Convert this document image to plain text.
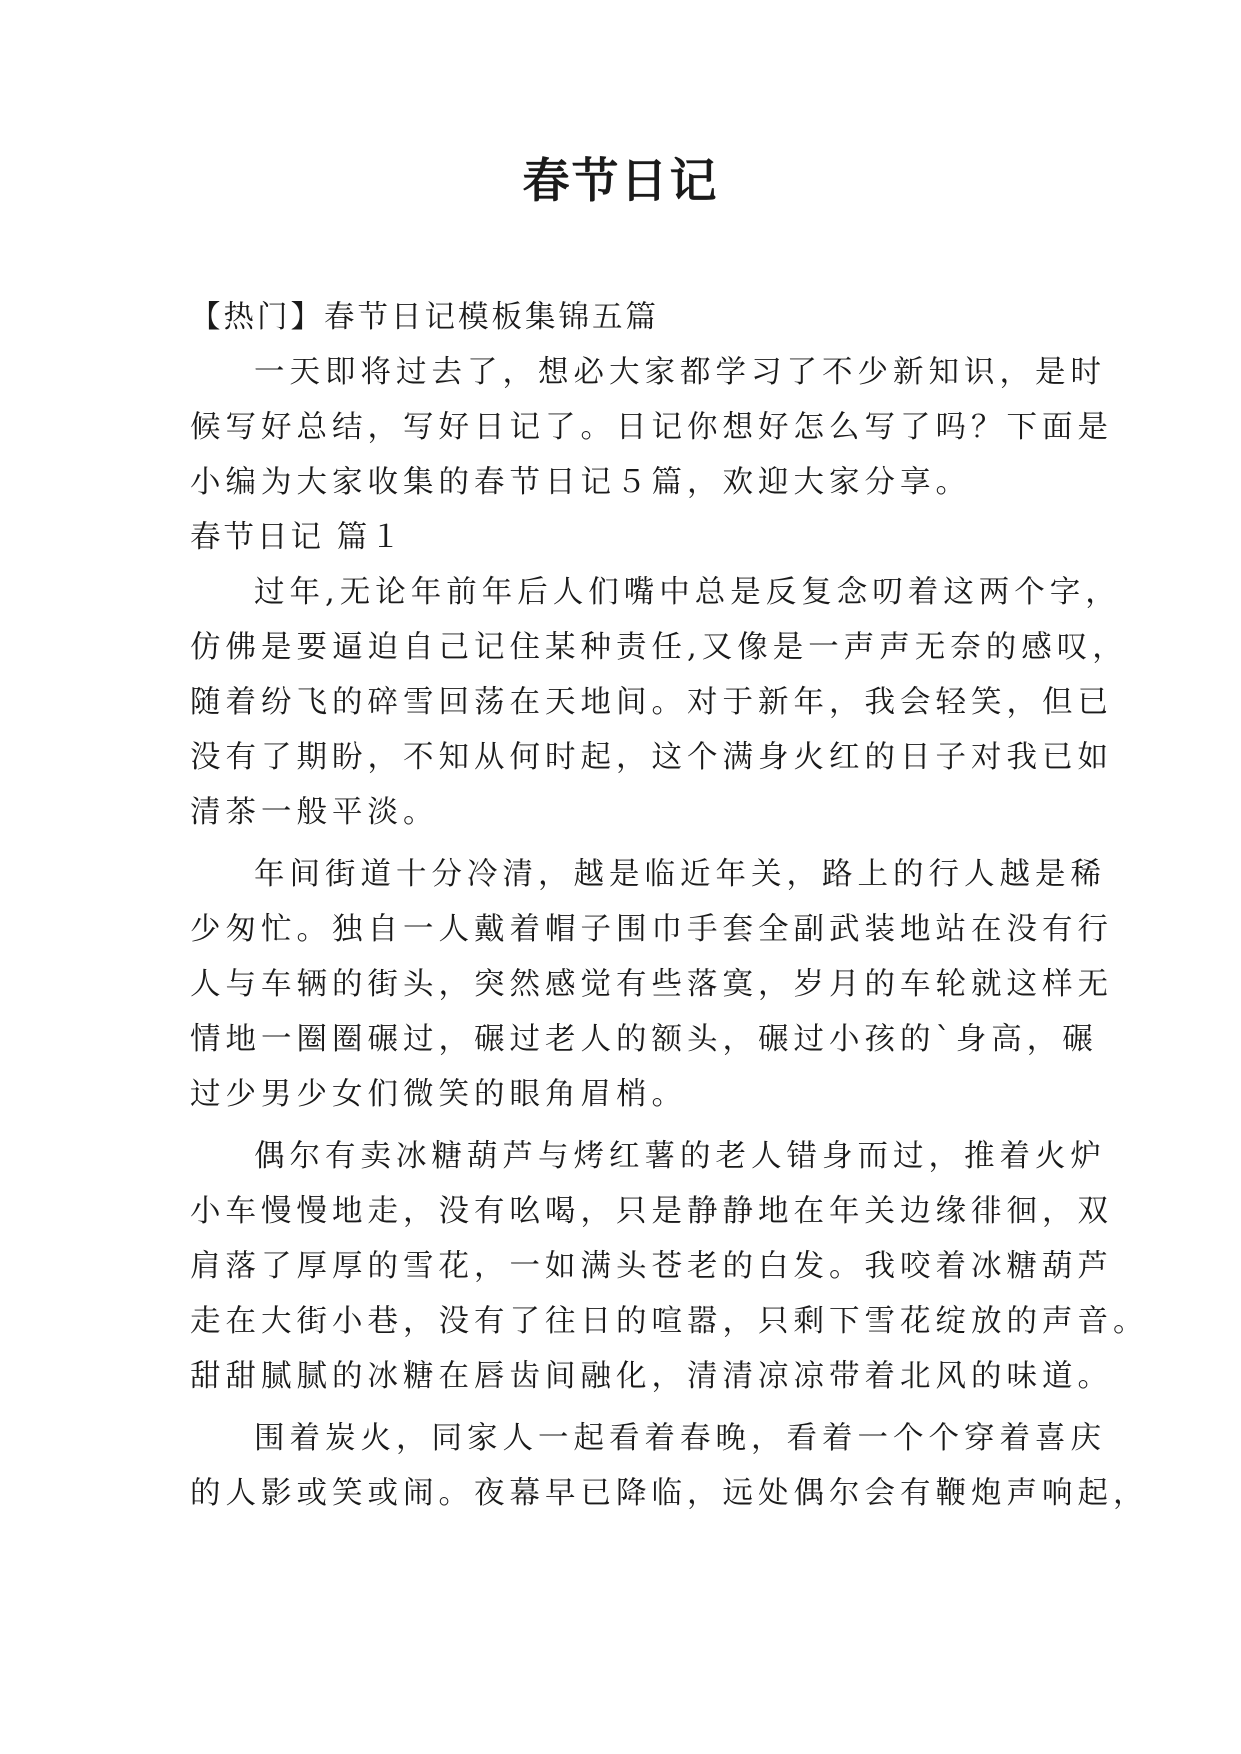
春节日记

【热门】春节日记模板集锦五篇

一天即将过去了，想必大家都学习了不少新知识，是时

候写好总结，写好日记了。日记你想好怎么写了吗？下面是

小编为大家收集的春节日记５篇，欢迎大家分享。

春节日记 篇１

过年,无论年前年后人们嘴中总是反复念叨着这两个字，

仿佛是要逼迫自己记住某种责任,又像是一声声无奈的感叹，

随着纷飞的碎雪回荡在天地间。对于新年，我会轻笑，但已

没有了期盼，不知从何时起，这个满身火红的日子对我已如

清茶一般平淡。

年间街道十分冷清，越是临近年关，路上的行人越是稀

少匆忙。独自一人戴着帽子围巾手套全副武装地站在没有行

人与车辆的街头，突然感觉有些落寞，岁月的车轮就这样无

情地一圈圈碾过，碾过老人的额头，碾过小孩的`身高，碾

过少男少女们微笑的眼角眉梢。

偶尔有卖冰糖葫芦与烤红薯的老人错身而过，推着火炉

小车慢慢地走，没有吆喝，只是静静地在年关边缘徘徊，双

肩落了厚厚的雪花，一如满头苍老的白发。我咬着冰糖葫芦

走在大街小巷，没有了往日的喧嚣，只剩下雪花绽放的声音。

甜甜腻腻的冰糖在唇齿间融化，清清凉凉带着北风的味道。

围着炭火，同家人一起看着春晚，看着一个个穿着喜庆

的人影或笑或闹。夜幕早已降临，远处偶尔会有鞭炮声响起，
